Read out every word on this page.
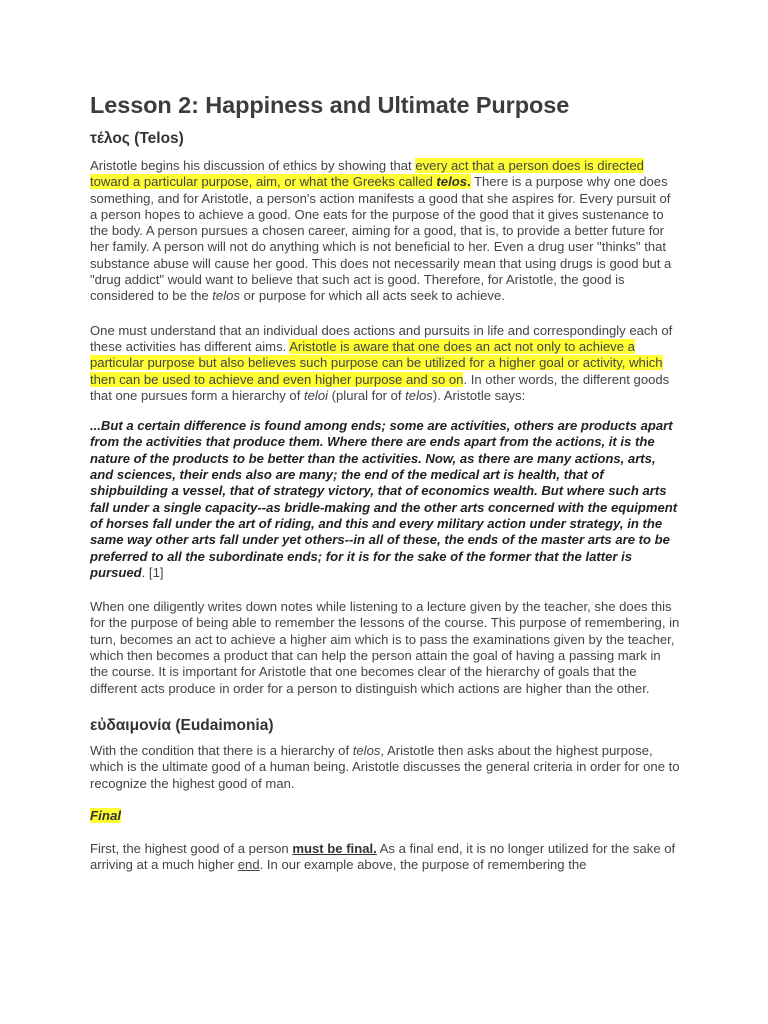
Lesson 2: Happiness and Ultimate Purpose
τέλος (Telos)

Aristotle begins his discussion of ethics by showing that every act that a person does is directed toward a particular purpose, aim, or what the Greeks called telos. There is a purpose why one does something, and for Aristotle, a person's action manifests a good that she aspires for. Every pursuit of a person hopes to achieve a good. One eats for the purpose of the good that it gives sustenance to the body. A person pursues a chosen career, aiming for a good, that is, to provide a better future for her family. A person will not do anything which is not beneficial to her. Even a drug user "thinks" that substance abuse will cause her good. This does not necessarily mean that using drugs is good but a "drug addict" would want to believe that such act is good. Therefore, for Aristotle, the good is considered to be the telos or purpose for which all acts seek to achieve.

One must understand that an individual does actions and pursuits in life and correspondingly each of these activities has different aims. Aristotle is aware that one does an act not only to achieve a particular purpose but also believes such purpose can be utilized for a higher goal or activity, which then can be used to achieve and even higher purpose and so on. In other words, the different goods that one pursues form a hierarchy of teloi (plural for of telos). Aristotle says:

...But a certain difference is found among ends; some are activities, others are products apart from the activities that produce them. Where there are ends apart from the actions, it is the nature of the products to be better than the activities. Now, as there are many actions, arts, and sciences, their ends also are many; the end of the medical art is health, that of shipbuilding a vessel, that of strategy victory, that of economics wealth. But where such arts fall under a single capacity--as bridle-making and the other arts concerned with the equipment of horses fall under the art of riding, and this and every military action under strategy, in the same way other arts fall under yet others--in all of these, the ends of the master arts are to be preferred to all the subordinate ends; for it is for the sake of the former that the latter is pursued. [1]

When one diligently writes down notes while listening to a lecture given by the teacher, she does this for the purpose of being able to remember the lessons of the course. This purpose of remembering, in turn, becomes an act to achieve a higher aim which is to pass the examinations given by the teacher, which then becomes a product that can help the person attain the goal of having a passing mark in the course. It is important for Aristotle that one becomes clear of the hierarchy of goals that the different acts produce in order for a person to distinguish which actions are higher than the other.

εὐδαιμονία (Eudaimonia)

With the condition that there is a hierarchy of telos, Aristotle then asks about the highest purpose, which is the ultimate good of a human being. Aristotle discusses the general criteria in order for one to recognize the highest good of man.

Final

First, the highest good of a person must be final. As a final end, it is no longer utilized for the sake of arriving at a much higher end. In our example above, the purpose of remembering the
